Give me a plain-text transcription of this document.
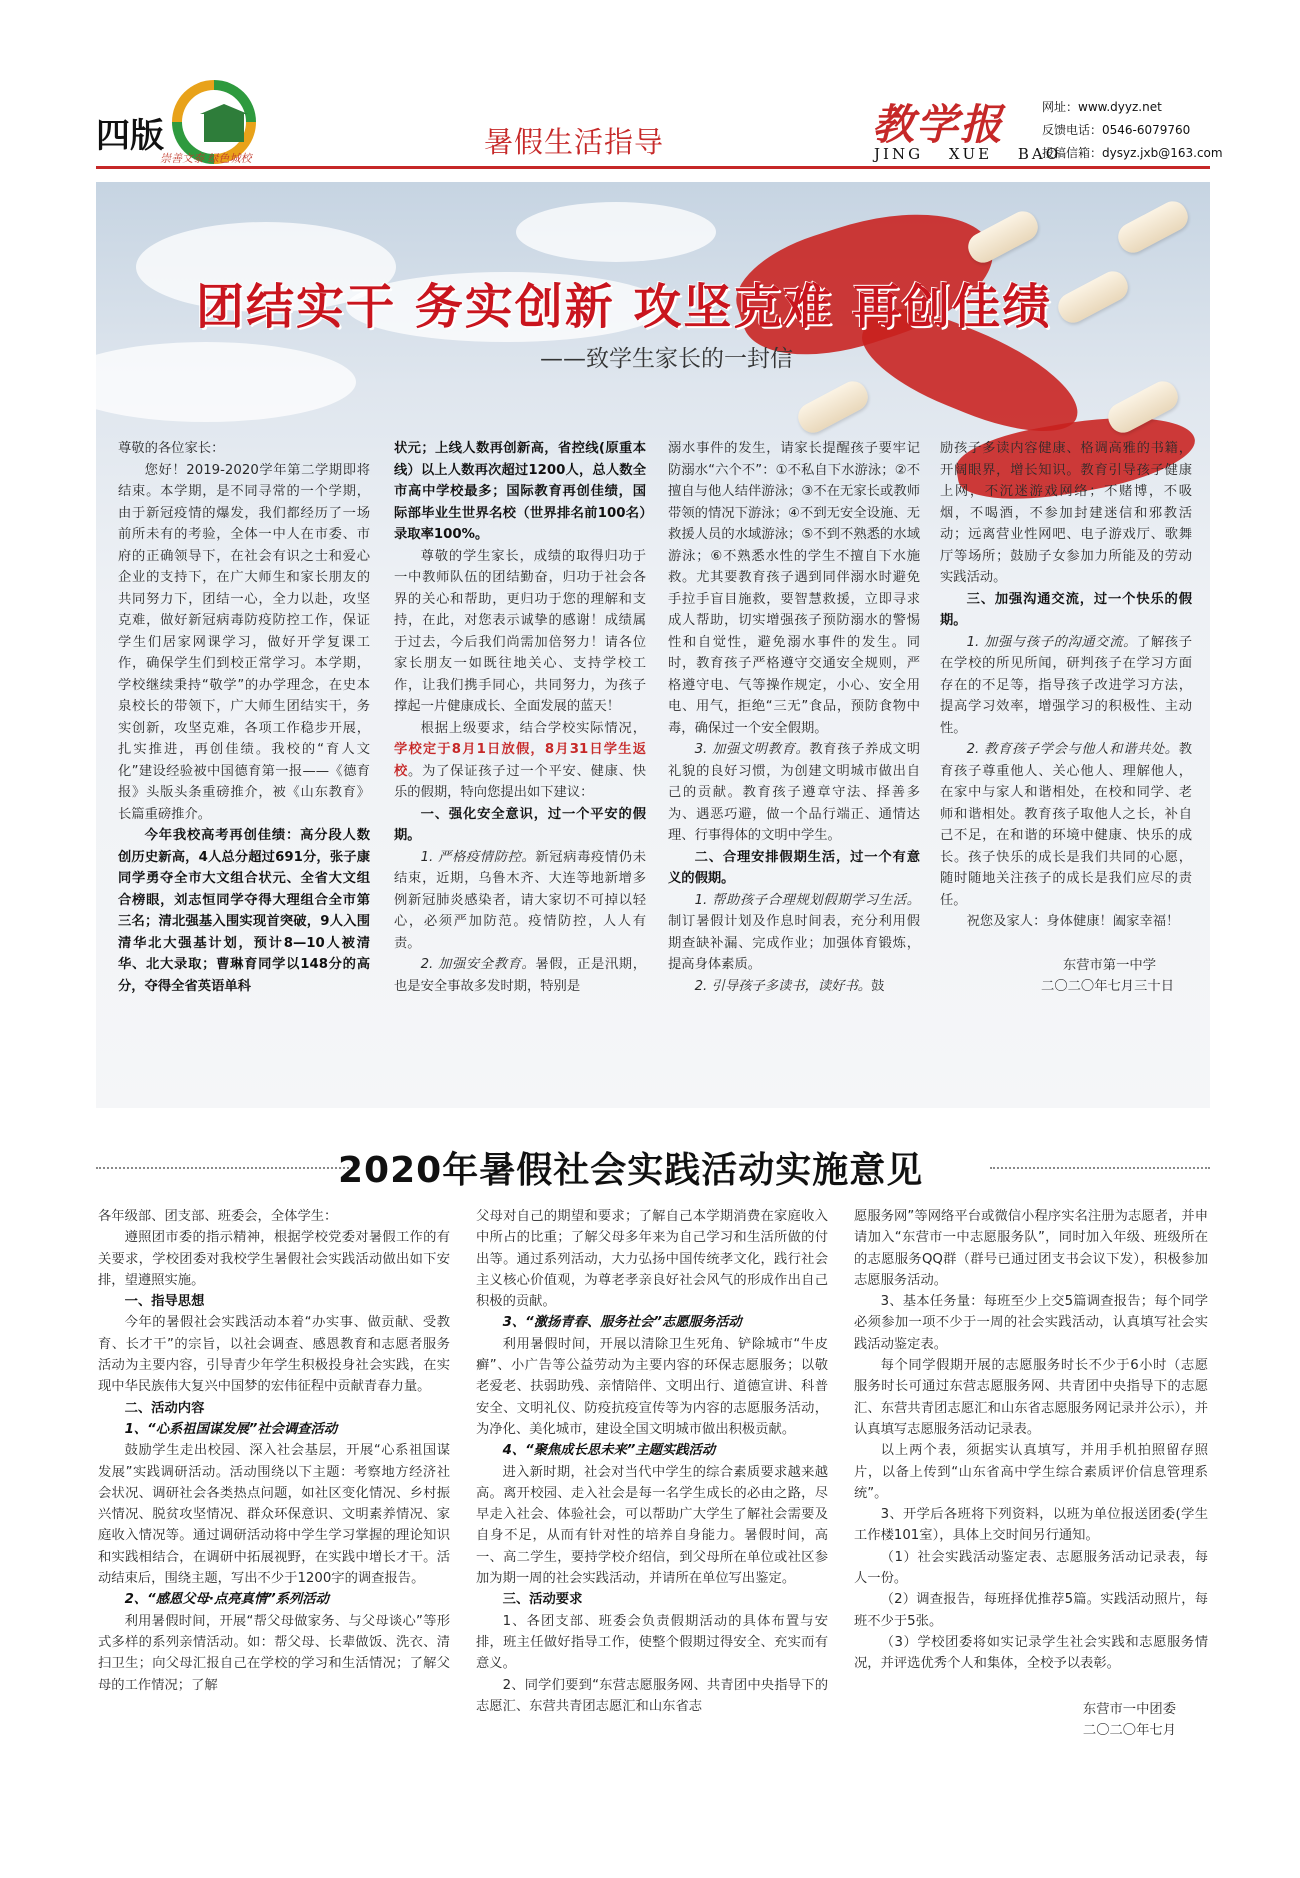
四版
崇善文泰 绿色城校	暑假生活指导	教学报
JING XUE BAO
网址：www.dyyz.net
反馈电话：0546-6079760
投稿信箱：dysyz.jxb@163.com
团结实干 务实创新 攻坚克难 再创佳绩
——致学生家长的一封信

尊敬的各位家长：

您好！2019-2020学年第二学期即将结束。本学期，是不同寻常的一个学期，由于新冠疫情的爆发，我们都经历了一场前所未有的考验，全体一中人在市委、市府的正确领导下，在社会有识之士和爱心企业的支持下，在广大师生和家长朋友的共同努力下，团结一心，全力以赴，攻坚克难，做好新冠病毒防疫防控工作，保证学生们居家网课学习，做好开学复课工作，确保学生们到校正常学习。本学期，学校继续秉持“敬学”的办学理念，在史本泉校长的带领下，广大师生团结实干，务实创新，攻坚克难，各项工作稳步开展，扎实推进，再创佳绩。我校的“育人文化”建设经验被中国德育第一报——《德育报》头版头条重磅推介，被《山东教育》长篇重磅推介。

今年我校高考再创佳绩：高分段人数创历史新高，4人总分超过691分，张子康同学勇夺全市大文组合状元、全省大文组合榜眼，刘志恒同学夺得大理组合全市第三名；清北强基入围实现首突破，9人入围清华北大强基计划，预计8—10人被清华、北大录取；曹琳育同学以148分的高分，夺得全省英语单科

状元；上线人数再创新高，省控线(原重本线）以上人数再次超过1200人，总人数全市高中学校最多；国际教育再创佳绩，国际部毕业生世界名校（世界排名前100名）录取率100%。

尊敬的学生家长，成绩的取得归功于一中教师队伍的团结勤奋，归功于社会各界的关心和帮助，更归功于您的理解和支持，在此，对您表示诚挚的感谢！成绩属于过去，今后我们尚需加倍努力！请各位家长朋友一如既往地关心、支持学校工作，让我们携手同心，共同努力，为孩子撑起一片健康成长、全面发展的蓝天！

根据上级要求，结合学校实际情况，学校定于8月1日放假，8月31日学生返校。为了保证孩子过一个平安、健康、快乐的假期，特向您提出如下建议：

一、强化安全意识，过一个平安的假期。

1. 严格疫情防控。新冠病毒疫情仍未结束，近期，乌鲁木齐、大连等地新增多例新冠肺炎感染者，请大家切不可掉以轻心，必须严加防范。疫情防控，人人有责。

2. 加强安全教育。暑假，正是汛期，也是安全事故多发时期，特别是

溺水事件的发生，请家长提醒孩子要牢记防溺水“六个不”：①不私自下水游泳；②不擅自与他人结伴游泳；③不在无家长或教师带领的情况下游泳；④不到无安全设施、无救援人员的水域游泳；⑤不到不熟悉的水域游泳；⑥不熟悉水性的学生不擅自下水施救。尤其要教育孩子遇到同伴溺水时避免手拉手盲目施救，要智慧救援，立即寻求成人帮助，切实增强孩子预防溺水的警惕性和自觉性，避免溺水事件的发生。同时，教育孩子严格遵守交通安全规则，严格遵守电、气等操作规定，小心、安全用电、用气，拒绝“三无”食品，预防食物中毒，确保过一个安全假期。

3. 加强文明教育。教育孩子养成文明礼貌的良好习惯，为创建文明城市做出自己的贡献。教育孩子遵章守法、择善多为、遇恶巧避，做一个品行端正、通情达理、行事得体的文明中学生。

二、合理安排假期生活，过一个有意义的假期。

1. 帮助孩子合理规划假期学习生活。制订暑假计划及作息时间表，充分利用假期查缺补漏、完成作业；加强体育锻炼，提高身体素质。

2. 引导孩子多读书，读好书。鼓

励孩子多读内容健康、格调高雅的书籍，开阔眼界，增长知识。教育引导孩子健康上网，不沉迷游戏网络；不赌博，不吸烟，不喝酒，不参加封建迷信和邪教活动；远离营业性网吧、电子游戏厅、歌舞厅等场所；鼓励子女参加力所能及的劳动实践活动。

三、加强沟通交流，过一个快乐的假期。

1. 加强与孩子的沟通交流。了解孩子在学校的所见所闻，研判孩子在学习方面存在的不足等，指导孩子改进学习方法，提高学习效率，增强学习的积极性、主动性。

2. 教育孩子学会与他人和谐共处。教育孩子尊重他人、关心他人、理解他人，在家中与家人和谐相处，在校和同学、老师和谐相处。教育孩子取他人之长，补自己不足，在和谐的环境中健康、快乐的成长。孩子快乐的成长是我们共同的心愿，随时随地关注孩子的成长是我们应尽的责任。

祝您及家人：身体健康！阖家幸福！

东营市第一中学

二〇二〇年七月三十日

2020年暑假社会实践活动实施意见

各年级部、团支部、班委会，全体学生：

遵照团市委的指示精神，根据学校党委对暑假工作的有关要求，学校团委对我校学生暑假社会实践活动做出如下安排，望遵照实施。

一、指导思想

今年的暑假社会实践活动本着“办实事、做贡献、受教育、长才干”的宗旨，以社会调查、感恩教育和志愿者服务活动为主要内容，引导青少年学生积极投身社会实践，在实现中华民族伟大复兴中国梦的宏伟征程中贡献青春力量。

二、活动内容

1、“心系祖国谋发展”社会调查活动

鼓励学生走出校园、深入社会基层，开展“心系祖国谋发展”实践调研活动。活动围绕以下主题：考察地方经济社会状况、调研社会各类热点问题，如社区变化情况、乡村振兴情况、脱贫攻坚情况、群众环保意识、文明素养情况、家庭收入情况等。通过调研活动将中学生学习掌握的理论知识和实践相结合，在调研中拓展视野，在实践中增长才干。活动结束后，围绕主题，写出不少于1200字的调查报告。

2、“感恩父母·点亮真情”系列活动

利用暑假时间，开展“帮父母做家务、与父母谈心”等形式多样的系列亲情活动。如：帮父母、长辈做饭、洗衣、清扫卫生；向父母汇报自己在学校的学习和生活情况；了解父母的工作情况；了解

父母对自己的期望和要求；了解自己本学期消费在家庭收入中所占的比重；了解父母多年来为自己学习和生活所做的付出等。通过系列活动，大力弘扬中国传统孝文化，践行社会主义核心价值观，为尊老孝亲良好社会风气的形成作出自己积极的贡献。

3、“激扬青春、服务社会”志愿服务活动

利用暑假时间，开展以清除卫生死角、铲除城市“牛皮癣”、小广告等公益劳动为主要内容的环保志愿服务；以敬老爱老、扶弱助残、亲情陪伴、文明出行、道德宣讲、科普安全、文明礼仪、防疫抗疫宣传等为内容的志愿服务活动，为净化、美化城市，建设全国文明城市做出积极贡献。

4、“聚焦成长思未来”主题实践活动

进入新时期，社会对当代中学生的综合素质要求越来越高。离开校园、走入社会是每一名学生成长的必由之路，尽早走入社会、体验社会，可以帮助广大学生了解社会需要及自身不足，从而有针对性的培养自身能力。暑假时间，高一、高二学生，要持学校介绍信，到父母所在单位或社区参加为期一周的社会实践活动，并请所在单位写出鉴定。

三、活动要求

1、各团支部、班委会负责假期活动的具体布置与安排，班主任做好指导工作，使整个假期过得安全、充实而有意义。

2、同学们要到“东营志愿服务网、共青团中央指导下的志愿汇、东营共青团志愿汇和山东省志

愿服务网”等网络平台或微信小程序实名注册为志愿者，并申请加入“东营市一中志愿服务队”，同时加入年级、班级所在的志愿服务QQ群（群号已通过团支书会议下发），积极参加志愿服务活动。

3、基本任务量：每班至少上交5篇调查报告；每个同学必须参加一项不少于一周的社会实践活动，认真填写社会实践活动鉴定表。

每个同学假期开展的志愿服务时长不少于6小时（志愿服务时长可通过东营志愿服务网、共青团中央指导下的志愿汇、东营共青团志愿汇和山东省志愿服务网记录并公示），并认真填写志愿服务活动记录表。

以上两个表，须据实认真填写，并用手机拍照留存照片，以备上传到“山东省高中学生综合素质评价信息管理系统”。

3、开学后各班将下列资料，以班为单位报送团委(学生工作楼101室），具体上交时间另行通知。

（1）社会实践活动鉴定表、志愿服务活动记录表，每人一份。

（2）调查报告，每班择优推荐5篇。实践活动照片，每班不少于5张。

（3）学校团委将如实记录学生社会实践和志愿服务情况，并评选优秀个人和集体，全校予以表彰。

东营市一中团委

二〇二〇年七月
